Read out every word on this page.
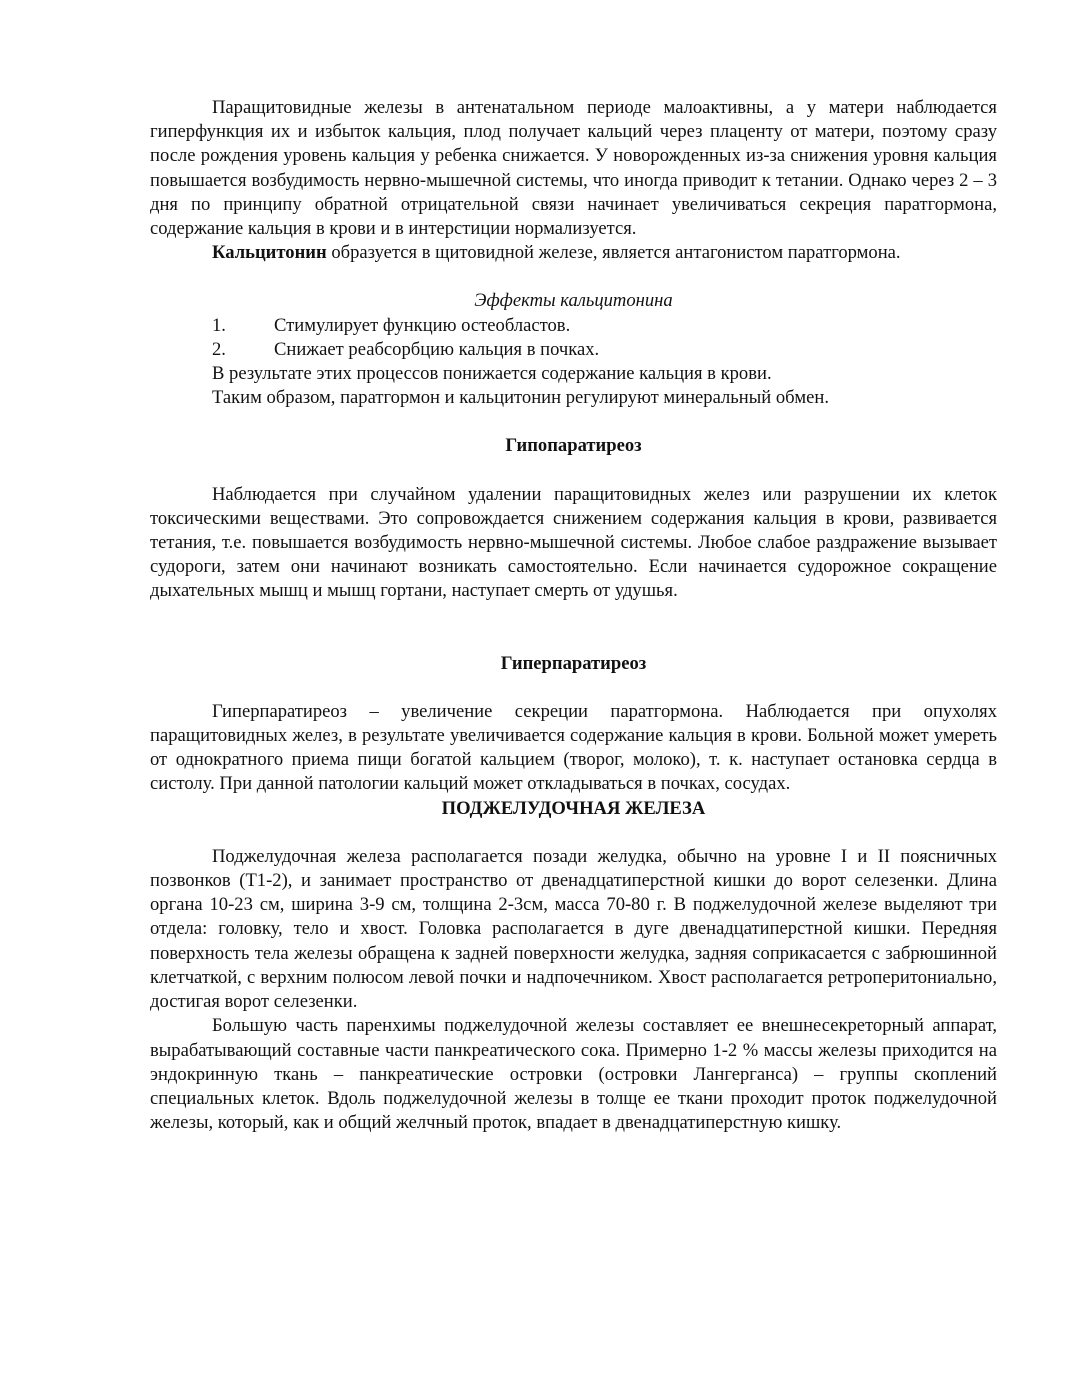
Паращитовидные железы в антенатальном периоде малоактивны, а у матери наблюдается гиперфункция их и избыток кальция, плод получает кальций через плаценту от матери, поэтому сразу после рождения уровень кальция у ребенка снижается. У новорожденных из-за снижения уровня кальция повышается возбудимость нервно-мышечной системы, что иногда приводит к тетании. Однако через 2 – 3 дня по принципу обратной отрицательной связи начинает увеличиваться секреция паратгормона, содержание кальция в крови и в интерстиции нормализуется.

Кальцитонин образуется в щитовидной железе, является антагонистом паратгормона.

Эффекты кальцитонина

1.	Стимулирует функцию остеобластов.

2.	Снижает реабсорбцию кальция в почках.

В результате этих процессов понижается содержание кальция в крови.

Таким образом, паратгормон и кальцитонин регулируют минеральный обмен.

Гипопаратиреоз

Наблюдается при случайном удалении паращитовидных желез или разрушении их клеток токсическими веществами. Это сопровождается снижением содержания кальция в крови, развивается тетания, т.е. повышается возбудимость нервно-мышечной системы. Любое слабое раздражение вызывает судороги, затем они начинают возникать самостоятельно. Если начинается судорожное сокращение дыхательных мышц и мышц гортани, наступает смерть от удушья.

Гиперпаратиреоз

Гиперпаратиреоз – увеличение секреции паратгормона. Наблюдается при опухолях паращитовидных желез, в результате увеличивается содержание кальция в крови. Больной может умереть от однократного приема пищи богатой кальцием (творог, молоко), т. к. наступает остановка сердца в систолу. При данной патологии кальций может откладываться в почках, сосудах.

ПОДЖЕЛУДОЧНАЯ ЖЕЛЕЗА

Поджелудочная железа располагается позади желудка, обычно на уровне I и II поясничных позвонков (Т1-2), и занимает пространство от двенадцатиперстной кишки до ворот селезенки. Длина органа 10-23 см, ширина 3-9 см, толщина 2-3см, масса 70-80 г. В поджелудочной железе выделяют три отдела: головку, тело и хвост. Головка располагается в дуге двенадцатиперстной кишки. Передняя поверхность тела железы обращена к задней поверхности желудка, задняя соприкасается с забрюшинной клетчаткой, с верхним полюсом левой почки и надпочечником. Хвост располагается ретроперитониально, достигая ворот селезенки.

Большую часть паренхимы поджелудочной железы составляет ее внешнесекреторный аппарат, вырабатывающий составные части панкреатического сока. Примерно 1-2 % массы железы приходится на эндокринную ткань – панкреатические островки (островки Лангерганса) – группы скоплений специальных клеток. Вдоль поджелудочной железы в толще ее ткани проходит проток поджелудочной железы, который, как и общий желчный проток, впадает в двенадцатиперстную кишку.
